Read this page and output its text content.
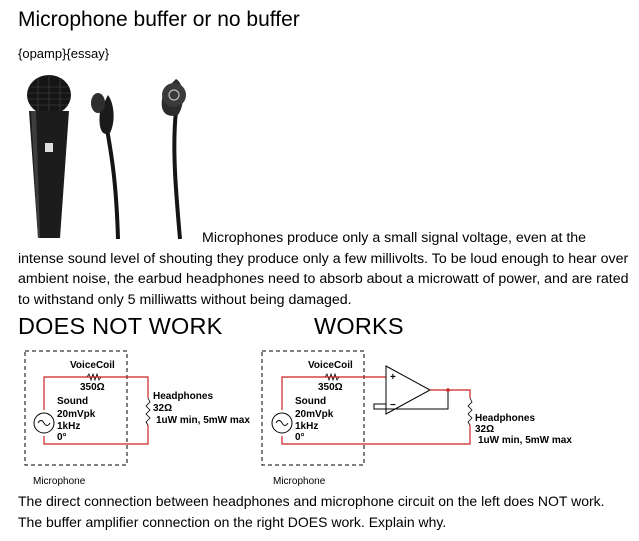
Microphone buffer or no buffer
{opamp}{essay}
Microphones produce only a small signal voltage, even at the intense sound level of shouting they produce only a few millivolts. To be loud enough to hear over ambient noise, the earbud headphones need to absorb about a microwatt of power, and are rated to withstand only 5 milliwatts without being damaged.
DOES NOT WORK	WORKS
VoiceCoil
350Ω
Sound
20mVpk
1kHz
0°
Microphone
Headphones
32Ω
1uW min, 5mW max
VoiceCoil
350Ω
Sound
20mVpk
1kHz
0°
Microphone
+
−
Headphones
32Ω
1uW min, 5mW max
The direct connection between headphones and microphone circuit on the left does NOT work.
The buffer amplifier connection on the right DOES work. Explain why.
